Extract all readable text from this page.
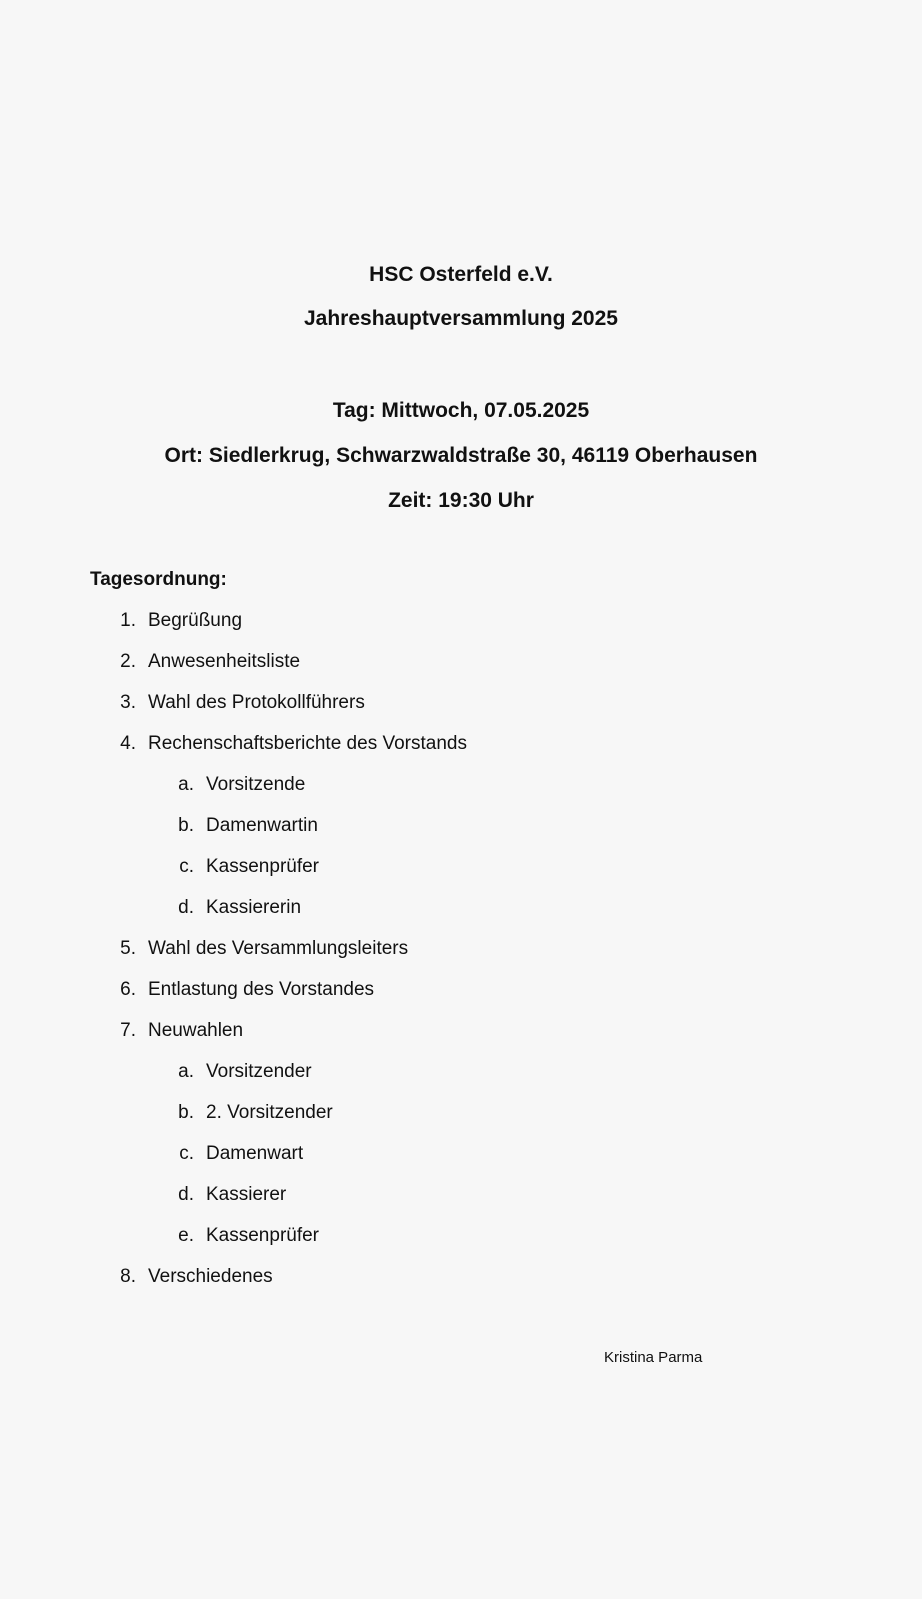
HSC Osterfeld e.V.
Jahreshauptversammlung 2025
Tag: Mittwoch, 07.05.2025
Ort: Siedlerkrug, Schwarzwaldstraße 30, 46119 Oberhausen
Zeit: 19:30 Uhr
Tagesordnung:
1. Begrüßung
2. Anwesenheitsliste
3. Wahl des Protokollführers
4. Rechenschaftsberichte des Vorstands
a. Vorsitzende
b. Damenwartin
c. Kassenprüfer
d. Kassiererin
5. Wahl des Versammlungsleiters
6. Entlastung des Vorstandes
7. Neuwahlen
a. Vorsitzender
b. 2. Vorsitzender
c. Damenwart
d. Kassierer
e. Kassenprüfer
8. Verschiedenes
Kristina Parma
